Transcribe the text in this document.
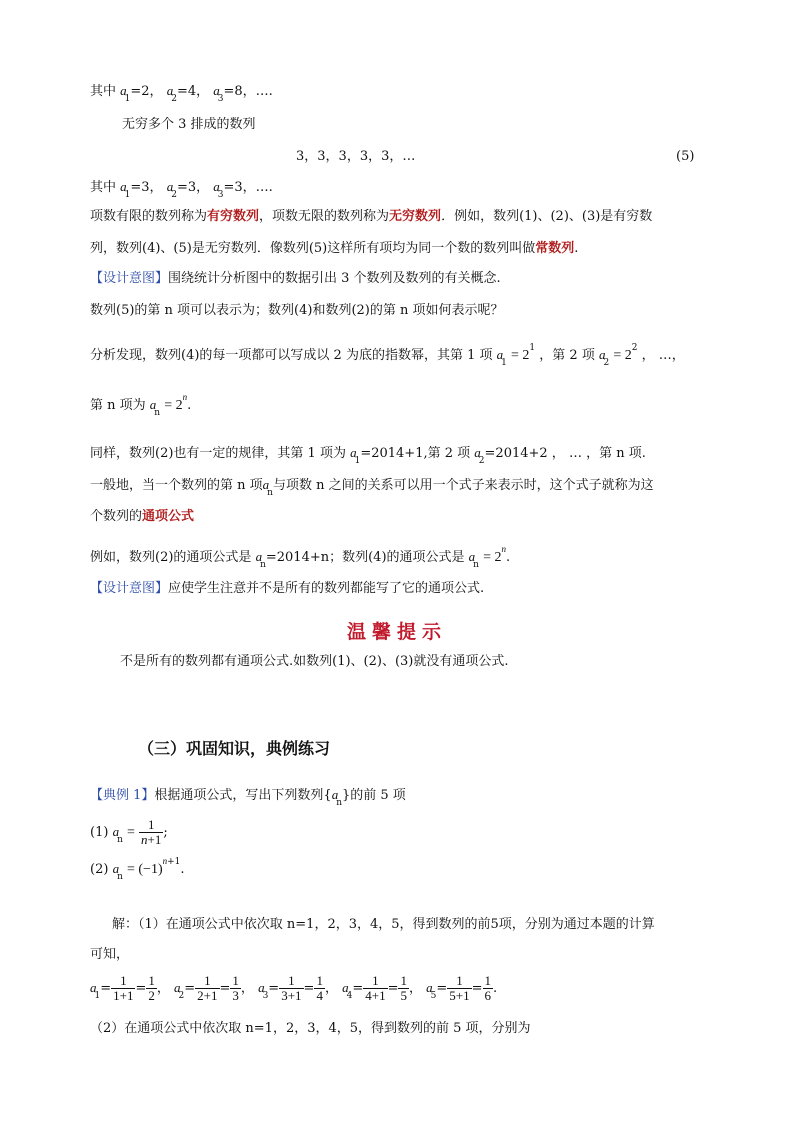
其中 $a_1=2$， $a_2=4$， $a_3=8$，….
无穷多个 3 排成的数列
3，3，3，3，3，…	(5)
其中 $a_1=3$， $a_2=3$， $a_3=3$，….
项数有限的数列称为有穷数列，项数无限的数列称为无穷数列．例如，数列(1)、(2)、(3)是有穷数
列，数列(4)、(5)是无穷数列．像数列(5)这样所有项均为同一个数的数列叫做常数列.
【设计意图】围绕统计分析图中的数据引出 3 个数列及数列的有关概念.
数列(5)的第 n 项可以表示为；数列(4)和数列(2)的第 n 项如何表示呢？
分析发现，数列(4)的每一项都可以写成以 2 为底的指数幂，其第 1 项 $a_1 = 2^1$ ，第 2 项 $a_2 = 2^2$ ， …，
第 n 项为 $a_n = 2^n$.
同样，数列(2)也有一定的规律，其第 1 项为 $a_1=2014+1$,第 2 项 $a_2=2014+2$ ， … ，第 n 项.
一般地，当一个数列的第 n 项$a_n$与项数 n 之间的关系可以用一个式子来表示时，这个式子就称为这
个数列的通项公式
例如，数列(2)的通项公式是 $a_n=2014+n$；数列(4)的通项公式是 $a_n = 2^n$.
【设计意图】应使学生注意并不是所有的数列都能写了它的通项公式.
温馨提示
不是所有的数列都有通项公式.如数列(1)、(2)、(3)就没有通项公式.
（三）巩固知识，典例练习
【典例 1】根据通项公式，写出下列数列$\{a_n\}$的前 5 项
(1) $a_n = \frac{1}{n+1}$ ;
(2) $a_n = (-1)^{n+1}$.
解：（1）在通项公式中依次取 n=1，2，3，4，5，得到数列的前5项，分别为通过本题的计算
可知，
$a_1= \frac{1}{1+1} = \frac{1}{2}$ ， $a_2= \frac{1}{2+1} = \frac{1}{3}$ ， $a_3= \frac{1}{3+1} = \frac{1}{4}$ ， $a_4= \frac{1}{4+1} = \frac{1}{5}$ ， $a_5= \frac{1}{5+1} = \frac{1}{6}$ .
（2）在通项公式中依次取 n=1，2，3，4，5，得到数列的前 5 项，分别为
